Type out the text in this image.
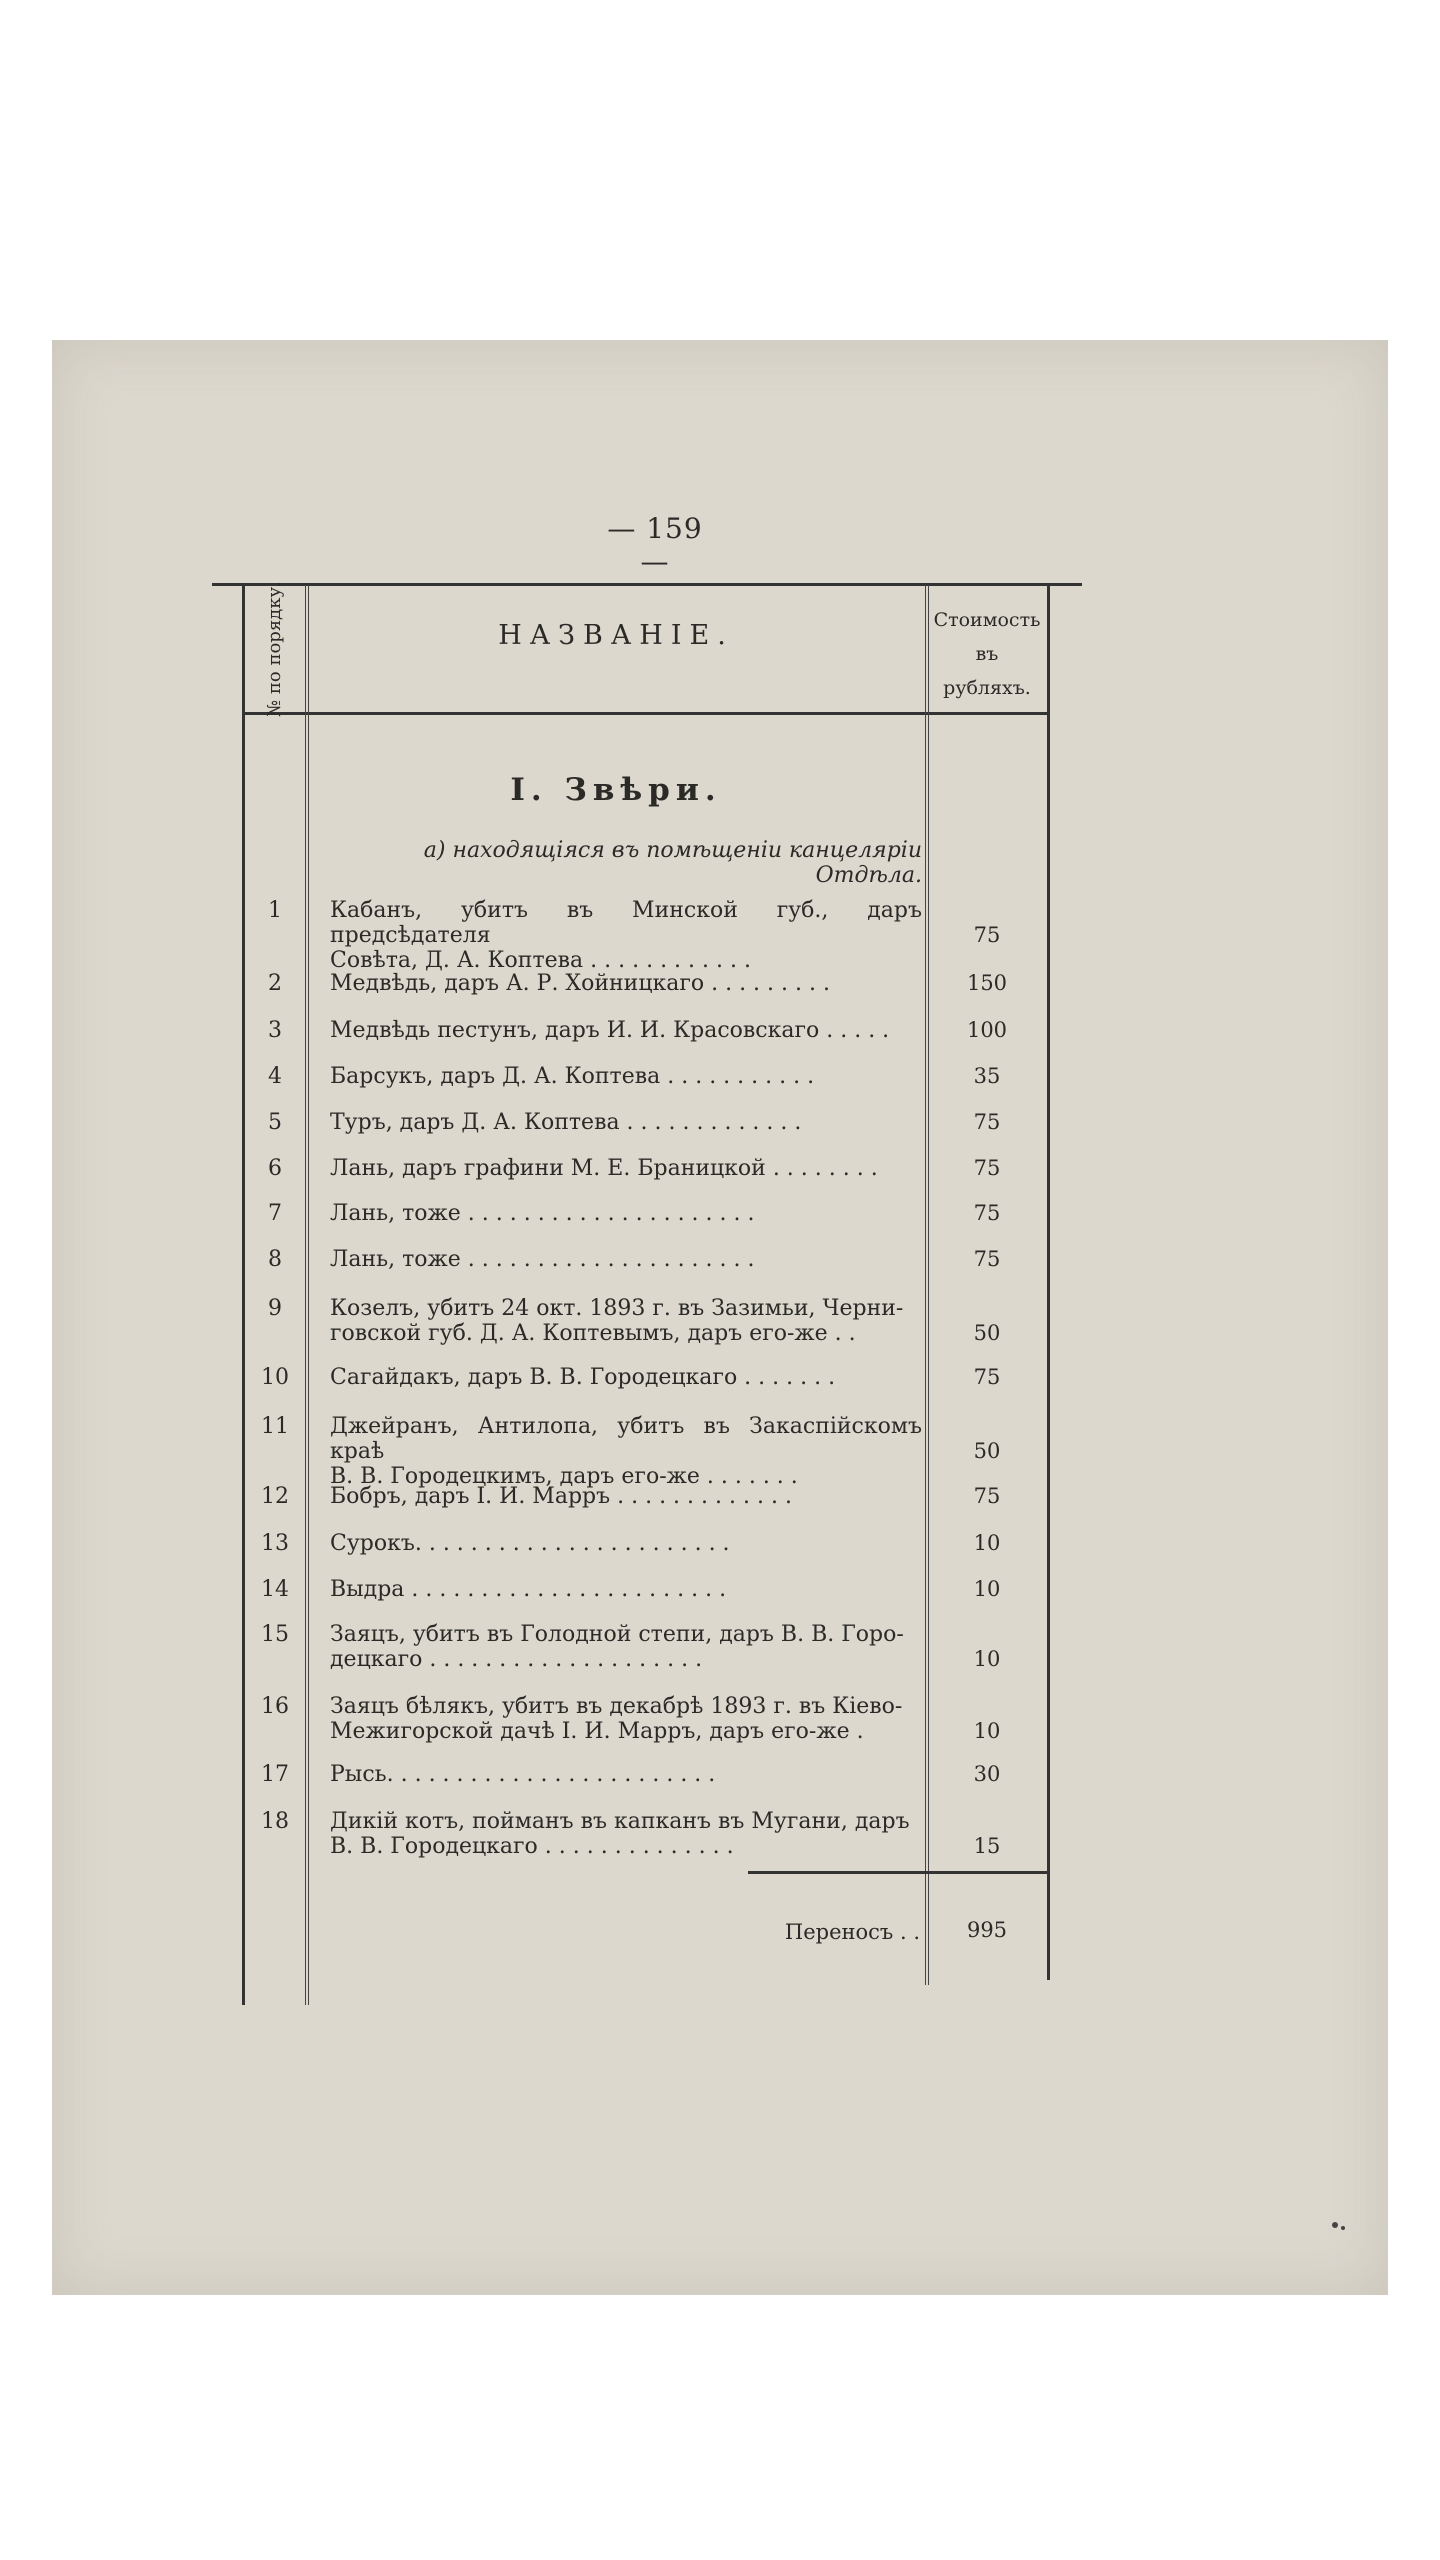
— 159 —
№ по порядку.	НАЗВАНІЕ.	Стоимость
въ
рубляхъ.
I. Звѣри.
а) находящіяся въ помѣщеніи канцеляріи Отдѣла.
1	Кабанъ, убитъ въ Минской губ., даръ предсѣдателя
Совѣта, Д. А. Коптева . . . . . . . . . . . .
75
2	Медвѣдь, даръ А. Р. Хойницкаго . . . . . . . . .	150
3	Медвѣдь пестунъ, даръ И. И. Красовскаго . . . . .	100
4	Барсукъ, даръ Д. А. Коптева . . . . . . . . . . .	35
5	Туръ, даръ Д. А. Коптева . . . . . . . . . . . . .	75
6	Лань, даръ графини М. Е. Браницкой . . . . . . . .	75
7	Лань, тоже . . . . . . . . . . . . . . . . . . . . .	75
8	Лань, тоже . . . . . . . . . . . . . . . . . . . . .	75
9	Козелъ, убитъ 24 окт. 1893 г. въ Зазимьи, Черни-
говской губ. Д. А. Коптевымъ, даръ его-же . .	50
10	Сагайдакъ, даръ В. В. Городецкаго . . . . . . .	75
11	Джейранъ, Антилопа, убитъ въ Закаспійскомъ краѣ
В. В. Городецкимъ, даръ его-же . . . . . . .
50
12	Бобръ, даръ І. И. Марръ . . . . . . . . . . . . .	75
13	Сурокъ. . . . . . . . . . . . . . . . . . . . . . .	10
14	Выдра . . . . . . . . . . . . . . . . . . . . . . .	10
15	Заяцъ, убитъ въ Голодной степи, даръ В. В. Горо-
децкаго . . . . . . . . . . . . . . . . . . . .	10
16	Заяцъ бѣлякъ, убитъ въ декабрѣ 1893 г. въ Кіево-
Межигорской дачѣ І. И. Марръ, даръ его-же .	10
17	Рысь. . . . . . . . . . . . . . . . . . . . . . . .	30
18	Дикій котъ, пойманъ въ капканъ въ Мугани, даръ
В. В. Городецкаго . . . . . . . . . . . . . .	15
Переносъ . .	995
